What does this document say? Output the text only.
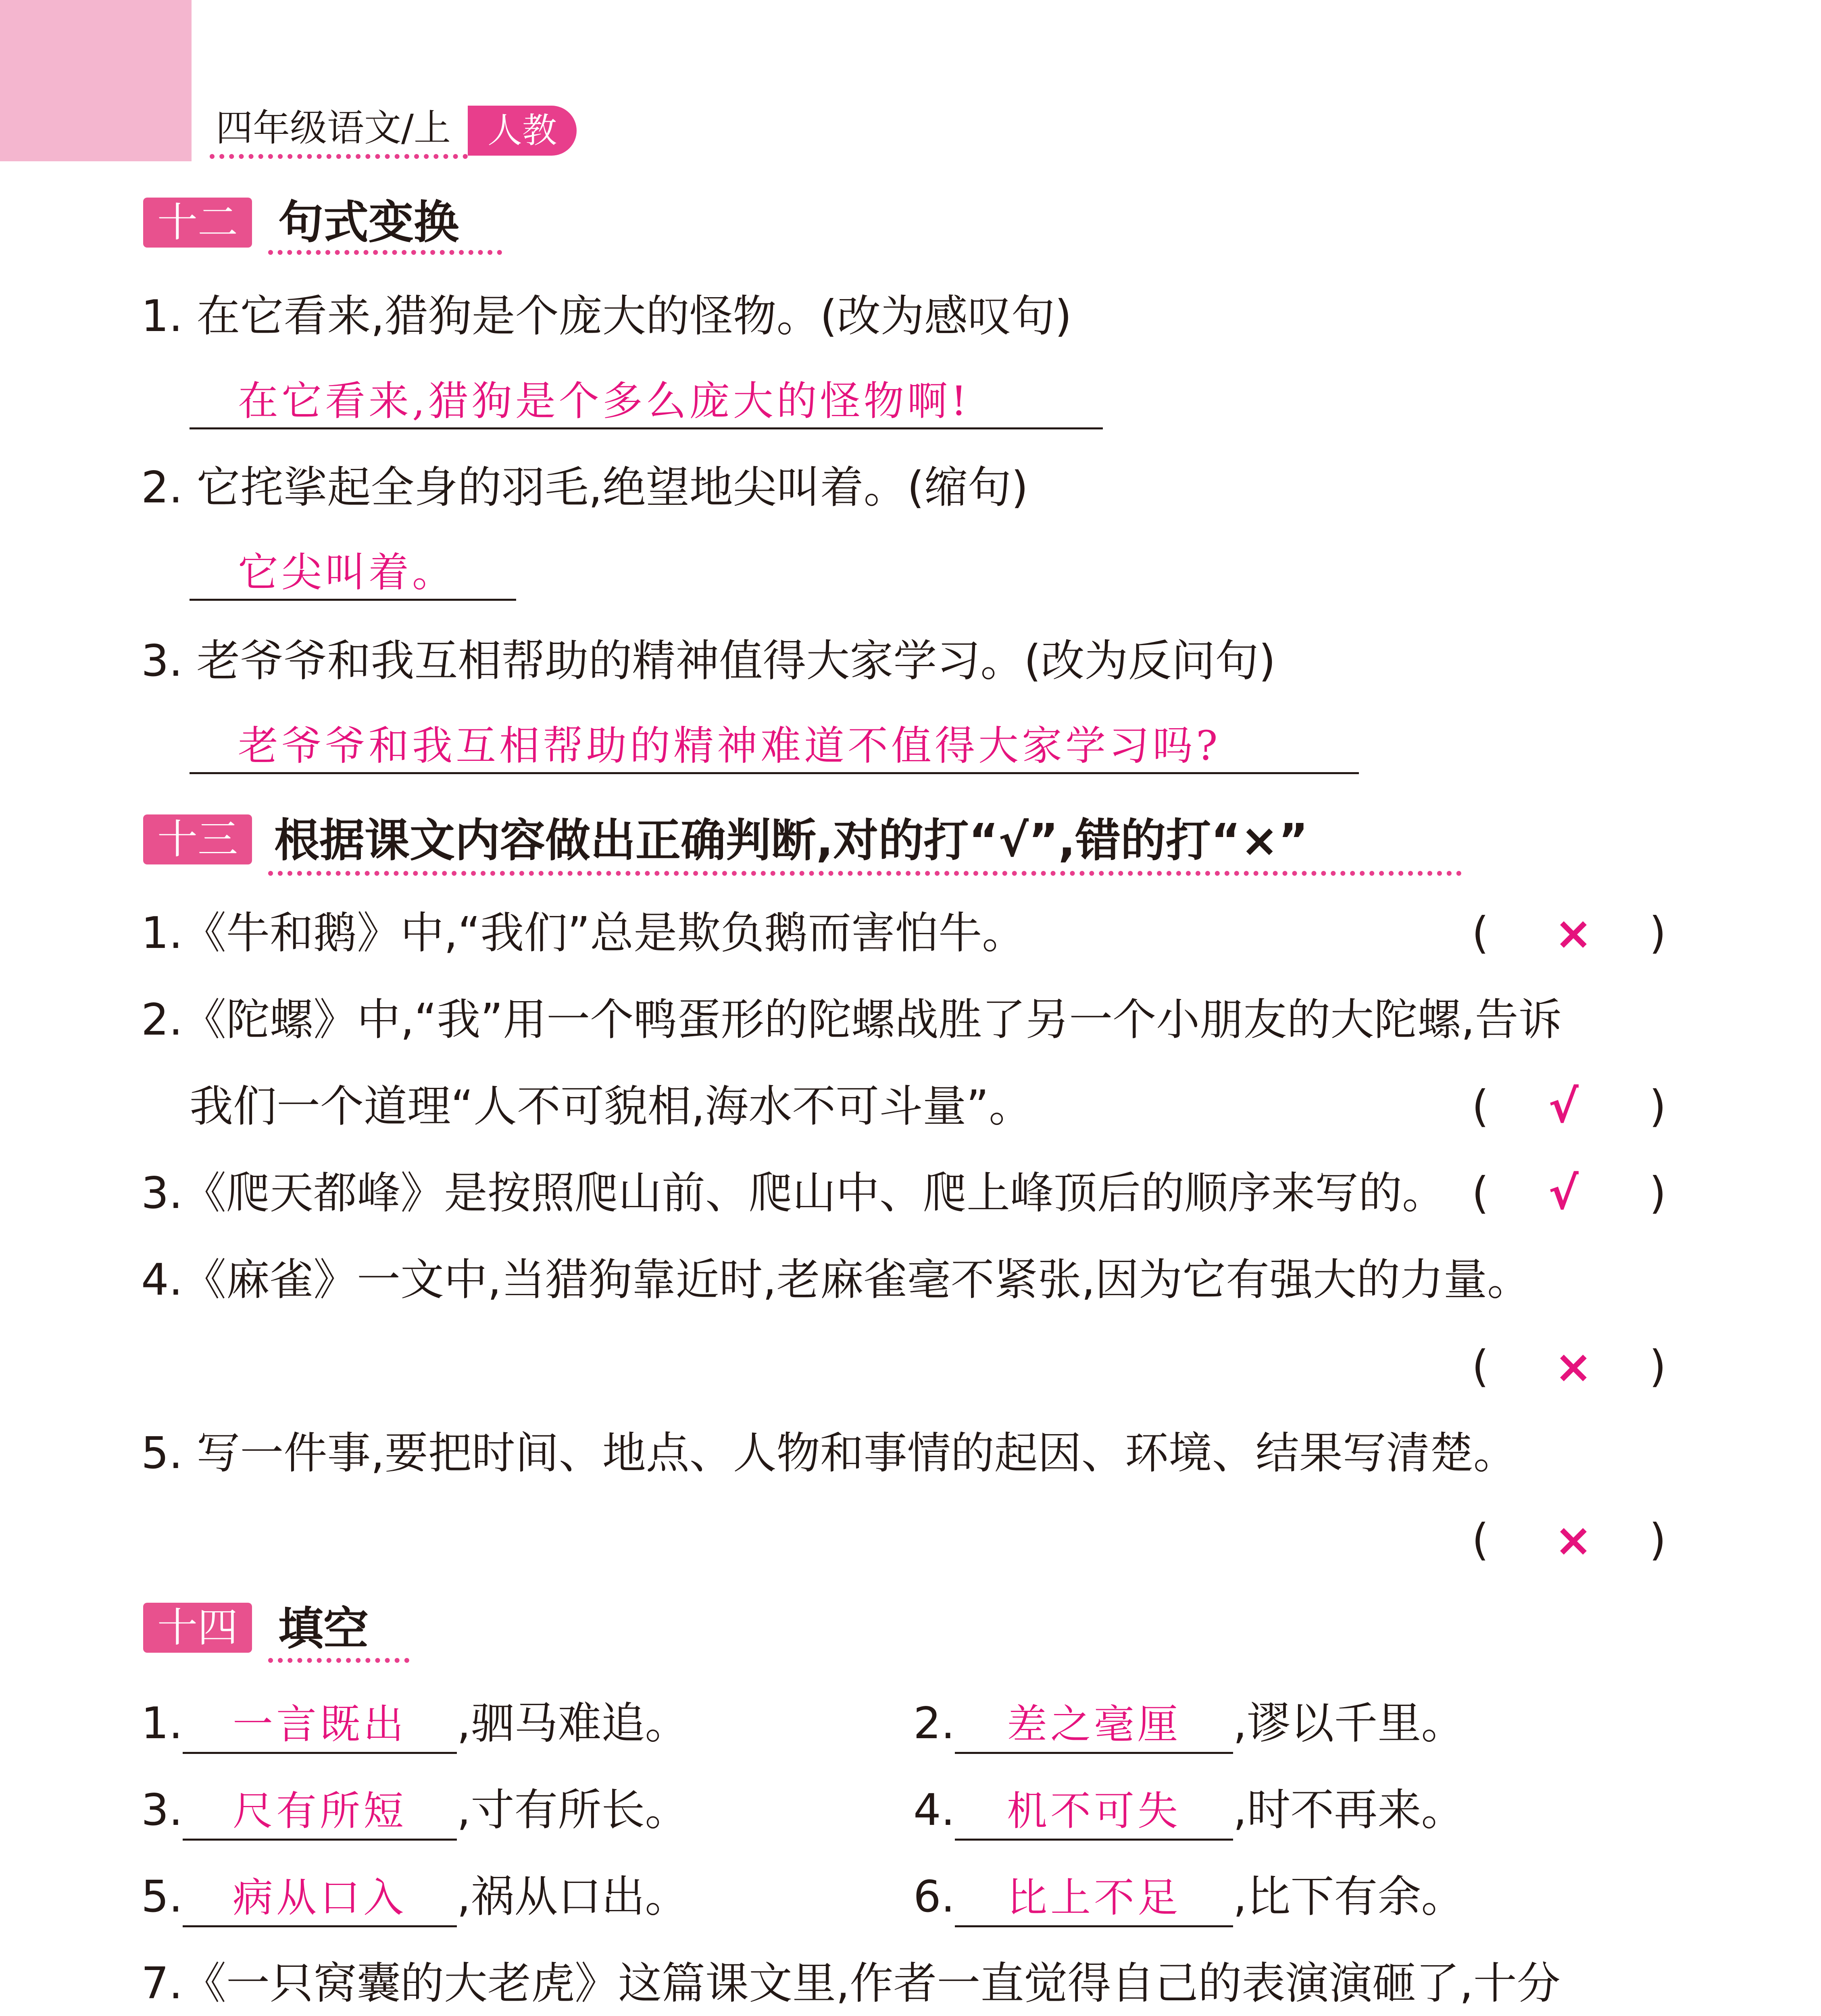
四年级语文/上	人教
十二 句式变换
1. 在它看来,猎狗是个庞大的怪物。(改为感叹句)
在它看来,猎狗是个多么庞大的怪物啊!
2. 它挓挲起全身的羽毛,绝望地尖叫着。(缩句)
它尖叫着。
3. 老爷爷和我互相帮助的精神值得大家学习。(改为反问句)
老爷爷和我互相帮助的精神难道不值得大家学习吗?
十三 根据课文内容做出正确判断,对的打“√”,错的打“×”
1.《牛和鹅》中,“我们”总是欺负鹅而害怕牛。	( × )
2.《陀螺》中,“我”用一个鸭蛋形的陀螺战胜了另一个小朋友的大陀螺,告诉
我们一个道理“人不可貌相,海水不可斗量”。	( √ )
3.《爬天都峰》是按照爬山前、爬山中、爬上峰顶后的顺序来写的。 ( √ )
4.《麻雀》一文中,当猎狗靠近时,老麻雀毫不紧张,因为它有强大的力量。
( × )
5. 写一件事,要把时间、地点、人物和事情的起因、环境、结果写清楚。
( × )
十四 填空
1. 一言既出 ,驷马难追。	2. 差之毫厘 ,谬以千里。
3. 尺有所短 ,寸有所长。	4. 机不可失 ,时不再来。
5. 病从口入 ,祸从口出。	6. 比上不足 ,比下有余。
7.《一只窝囊的大老虎》这篇课文里,作者一直觉得自己的表演演砸了,十分
